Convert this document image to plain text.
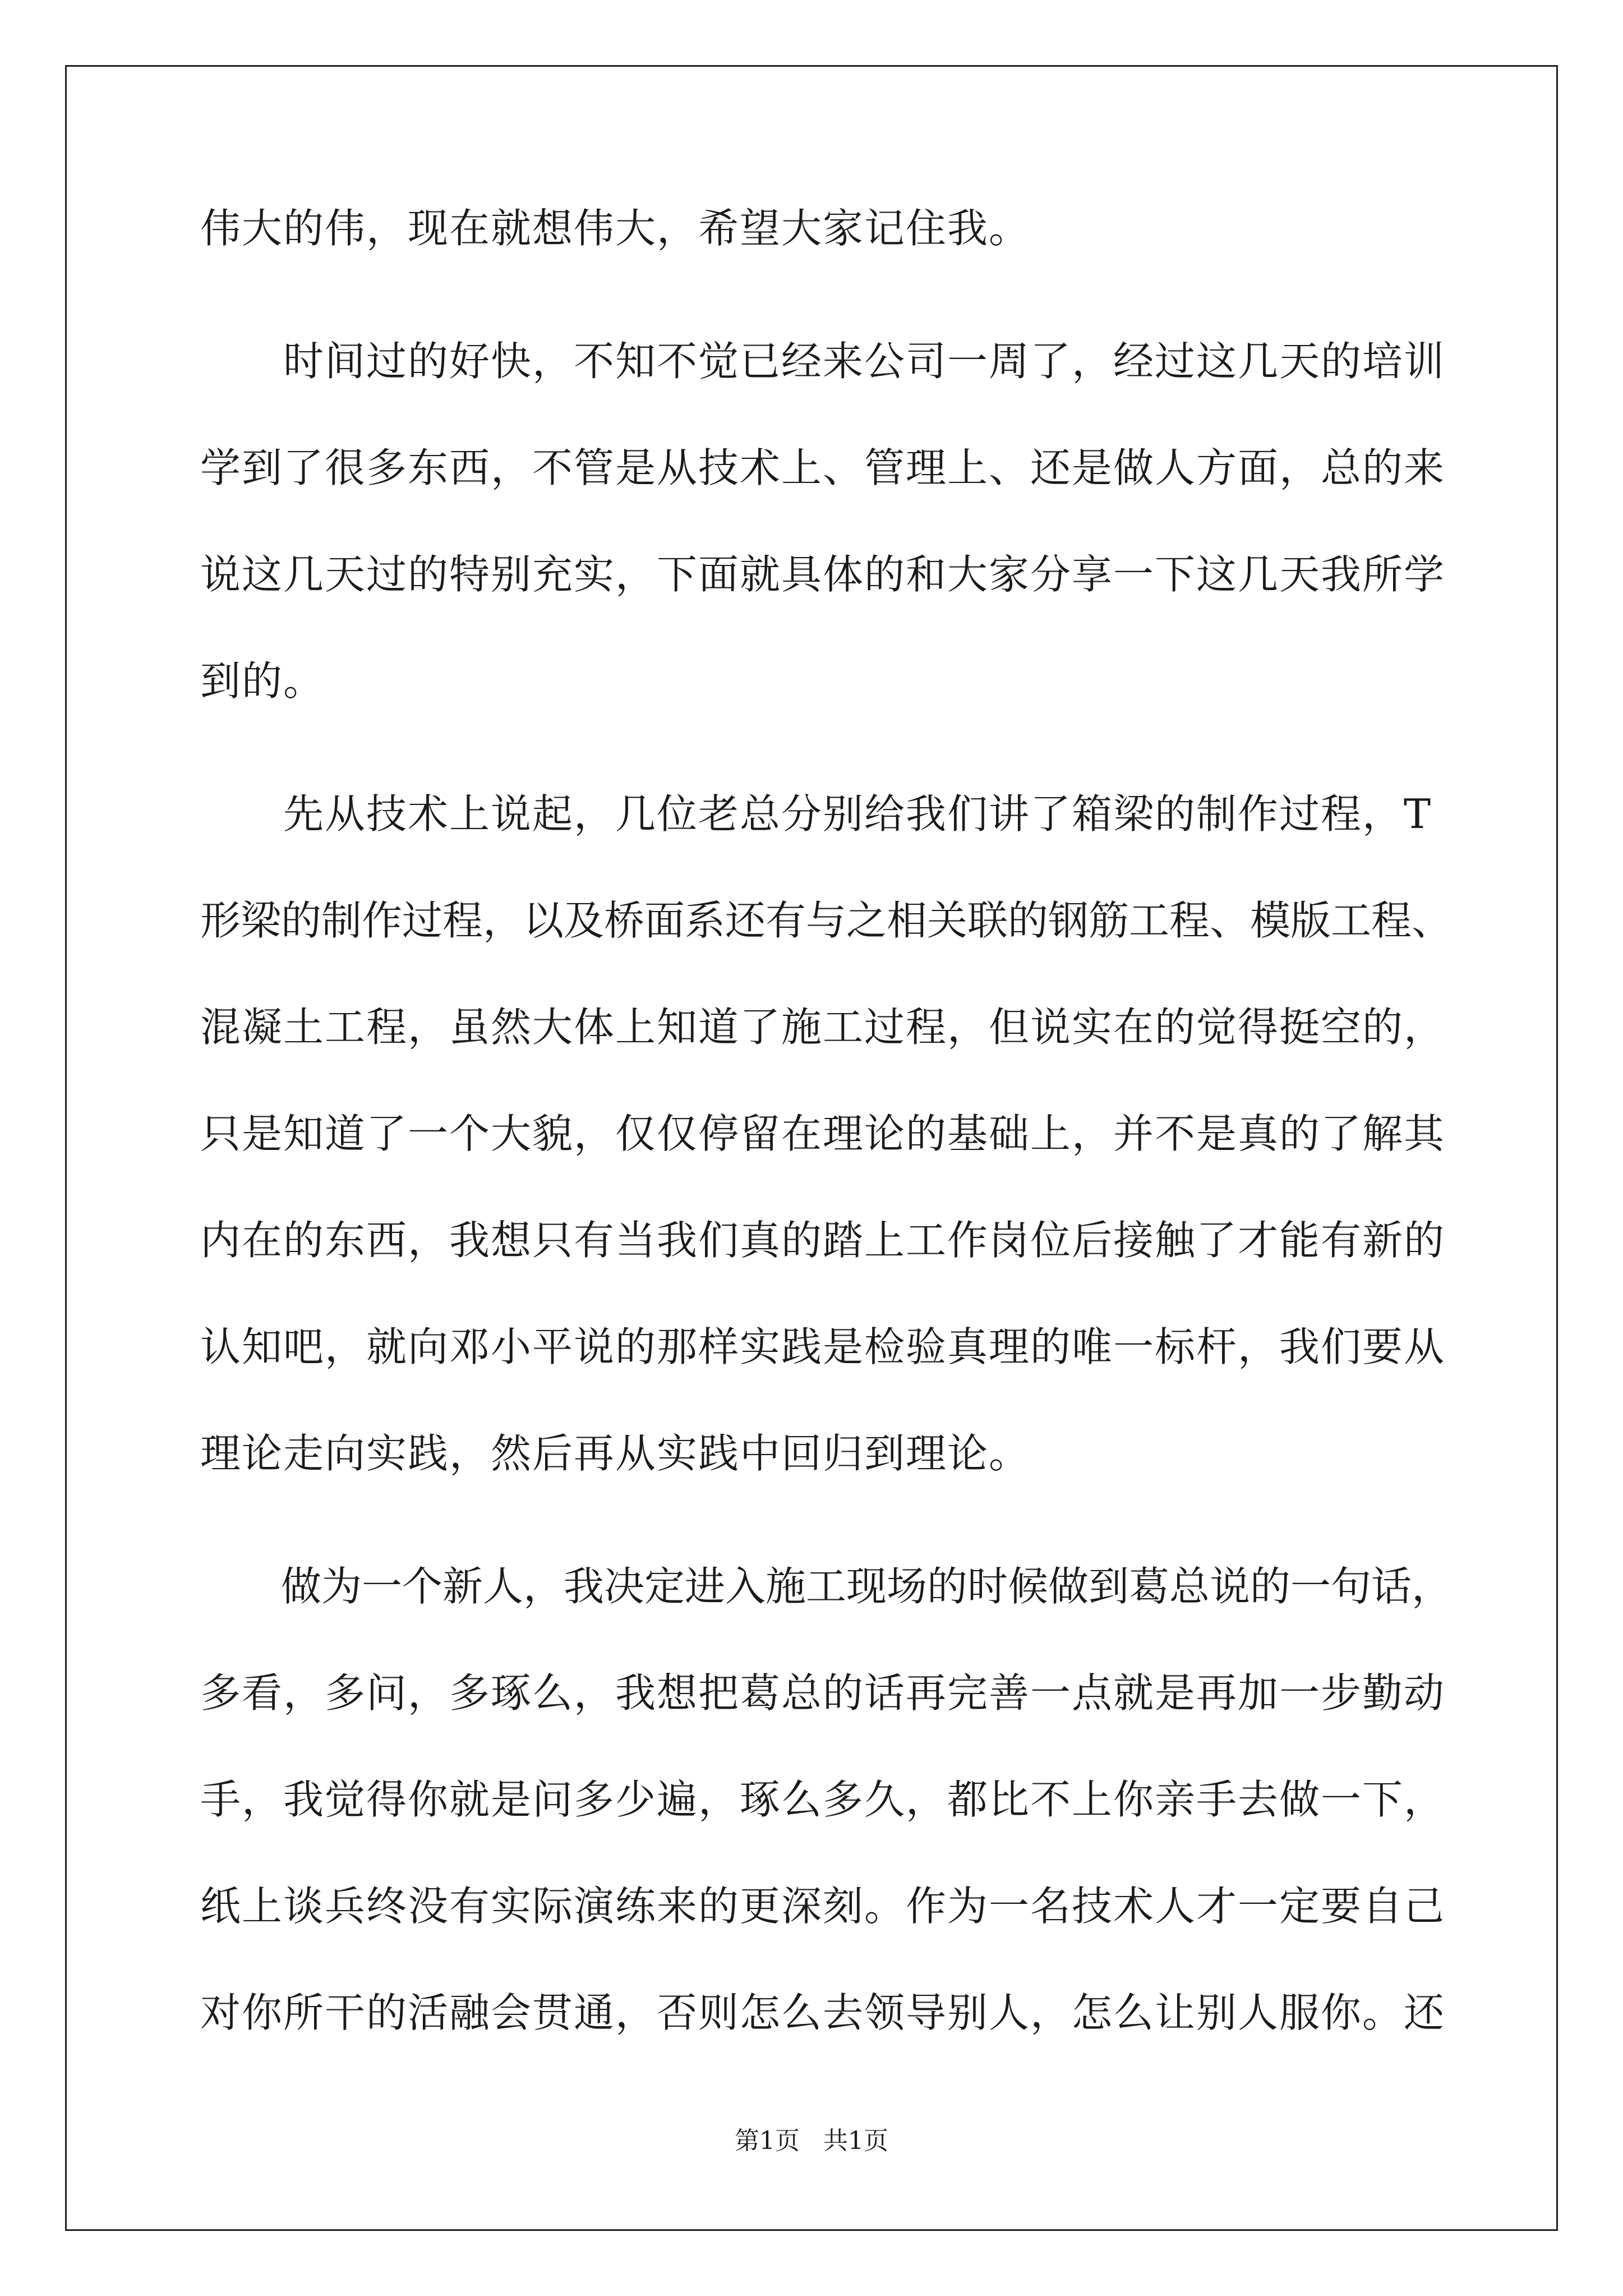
伟大的伟，现在就想伟大，希望大家记住我。

　　时间过的好快，不知不觉已经来公司一周了，经过这几天的培训

学到了很多东西，不管是从技术上、管理上、还是做人方面，总的来

说这几天过的特别充实，下面就具体的和大家分享一下这几天我所学

到的。

　　先从技术上说起，几位老总分别给我们讲了箱梁的制作过程，T

形梁的制作过程，以及桥面系还有与之相关联的钢筋工程、模版工程、

混凝土工程，虽然大体上知道了施工过程，但说实在的觉得挺空的，

只是知道了一个大貌，仅仅停留在理论的基础上，并不是真的了解其

内在的东西，我想只有当我们真的踏上工作岗位后接触了才能有新的

认知吧，就向邓小平说的那样实践是检验真理的唯一标杆，我们要从

理论走向实践，然后再从实践中回归到理论。

　　做为一个新人，我决定进入施工现场的时候做到葛总说的一句话，

多看，多问，多琢么，我想把葛总的话再完善一点就是再加一步勤动

手，我觉得你就是问多少遍，琢么多久，都比不上你亲手去做一下，

纸上谈兵终没有实际演练来的更深刻。作为一名技术人才一定要自己

对你所干的活融会贯通，否则怎么去领导别人，怎么让别人服你。还

第1页   共1页
